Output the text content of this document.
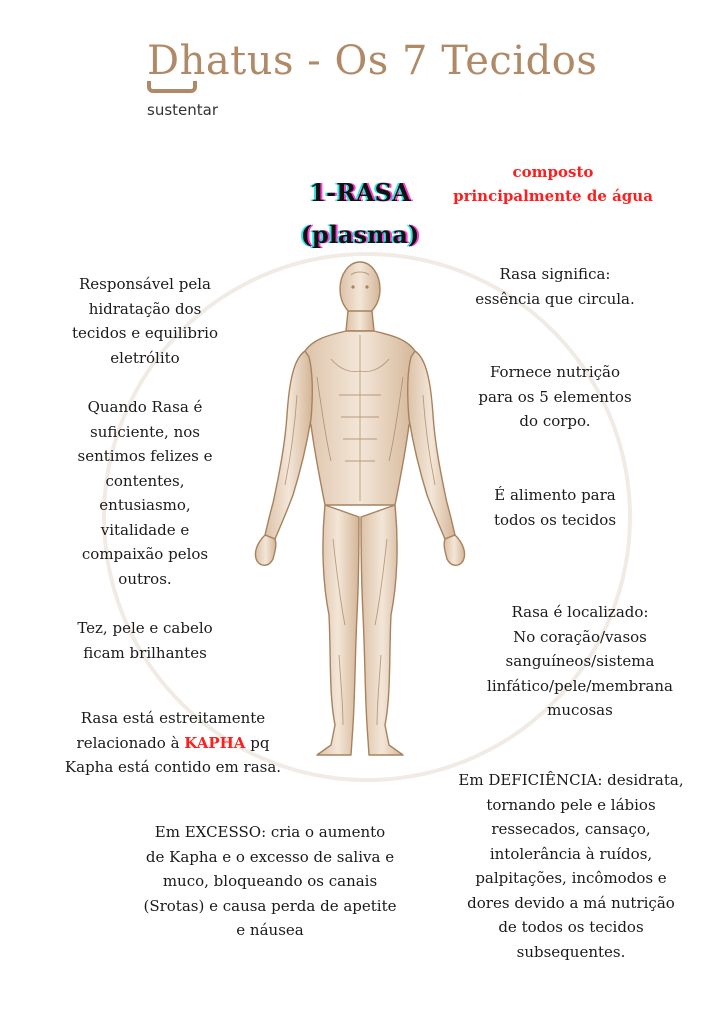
Dhatus - Os 7 Tecidos
sustentar
1-RASA
(plasma)
composto
principalmente de água
Responsável pela
hidratação dos
tecidos e equilibrio
eletrólito
Quando Rasa é
suficiente, nos
sentimos felizes e
contentes,
entusiasmo,
vitalidade e
compaixão pelos
outros.
Tez, pele e cabelo
ficam brilhantes
Rasa está estreitamente
relacionado à KAPHA pq
Kapha está contido em rasa.
Rasa significa:
essência que circula.
Fornece nutrição
para os 5 elementos
do corpo.
É alimento para
todos os tecidos
Rasa é localizado:
No coração/vasos
sanguíneos/sistema
linfático/pele/membrana
mucosas
Em EXCESSO: cria o aumento
de Kapha e o excesso de saliva e
muco, bloqueando os canais
(Srotas) e causa perda de apetite
e náusea
Em DEFICIÊNCIA: desidrata,
tornando pele e lábios
ressecados, cansaço,
intolerância à ruídos,
palpitações, incômodos e
dores devido a má nutrição
de todos os tecidos
subsequentes.
